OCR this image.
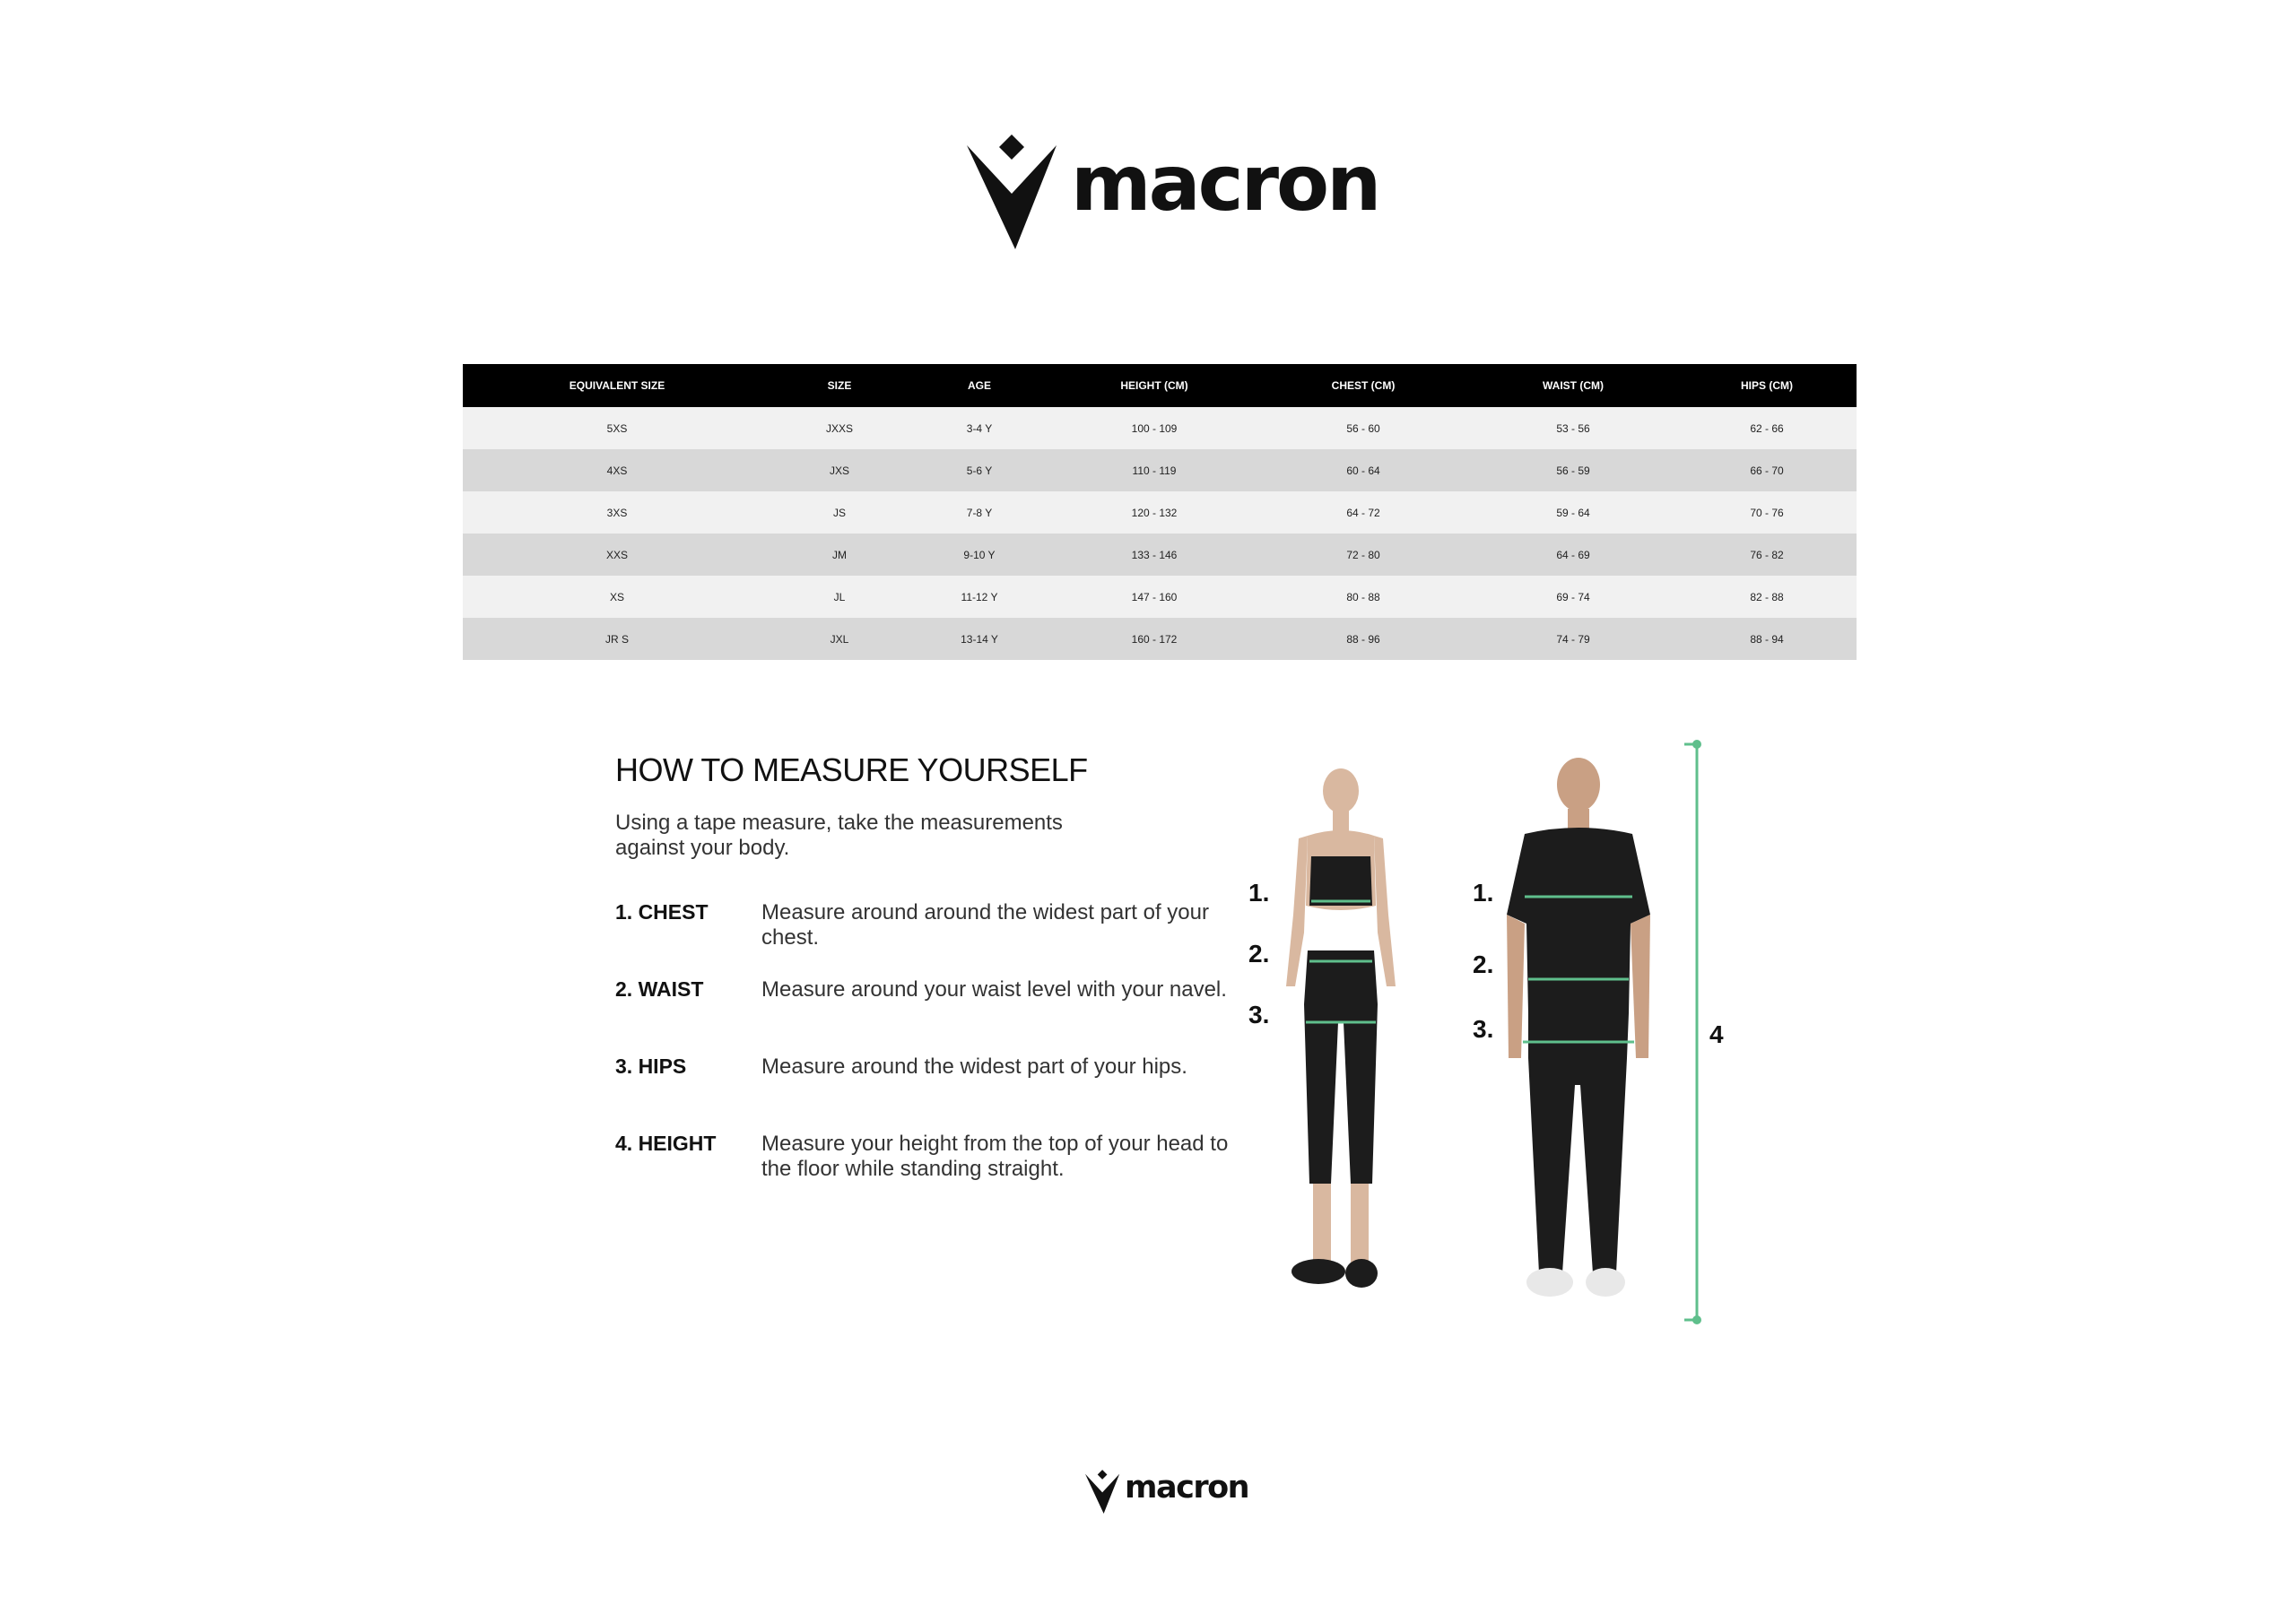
macron
EQUIVALENT SIZE	SIZE	AGE	HEIGHT (CM)	CHEST (CM)	WAIST (CM)	HIPS (CM)
5XS	JXXS	3-4 Y	100 - 109	56 - 60	53 - 56	62 - 66
4XS	JXS	5-6 Y	110 - 119	60 - 64	56 - 59	66 - 70
3XS	JS	7-8 Y	120 - 132	64 - 72	59 - 64	70 - 76
XXS	JM	9-10 Y	133 - 146	72 - 80	64 - 69	76 - 82
XS	JL	11-12 Y	147 - 160	80 - 88	69 - 74	82 - 88
JR S	JXL	13-14 Y	160 - 172	88 - 96	74 - 79	88 - 94
HOW TO MEASURE YOURSELF
Using a tape measure, take the measurements against your body.
1. CHEST Measure around around the widest part of your chest.
2. WAIST	Measure around your waist level with your navel.
3. HIPS	Measure around the widest part of your hips.
4. HEIGHT Measure your height from the top of your head to the floor while standing straight.
1.
2.
3.
1.
2.
3.	4
macron
